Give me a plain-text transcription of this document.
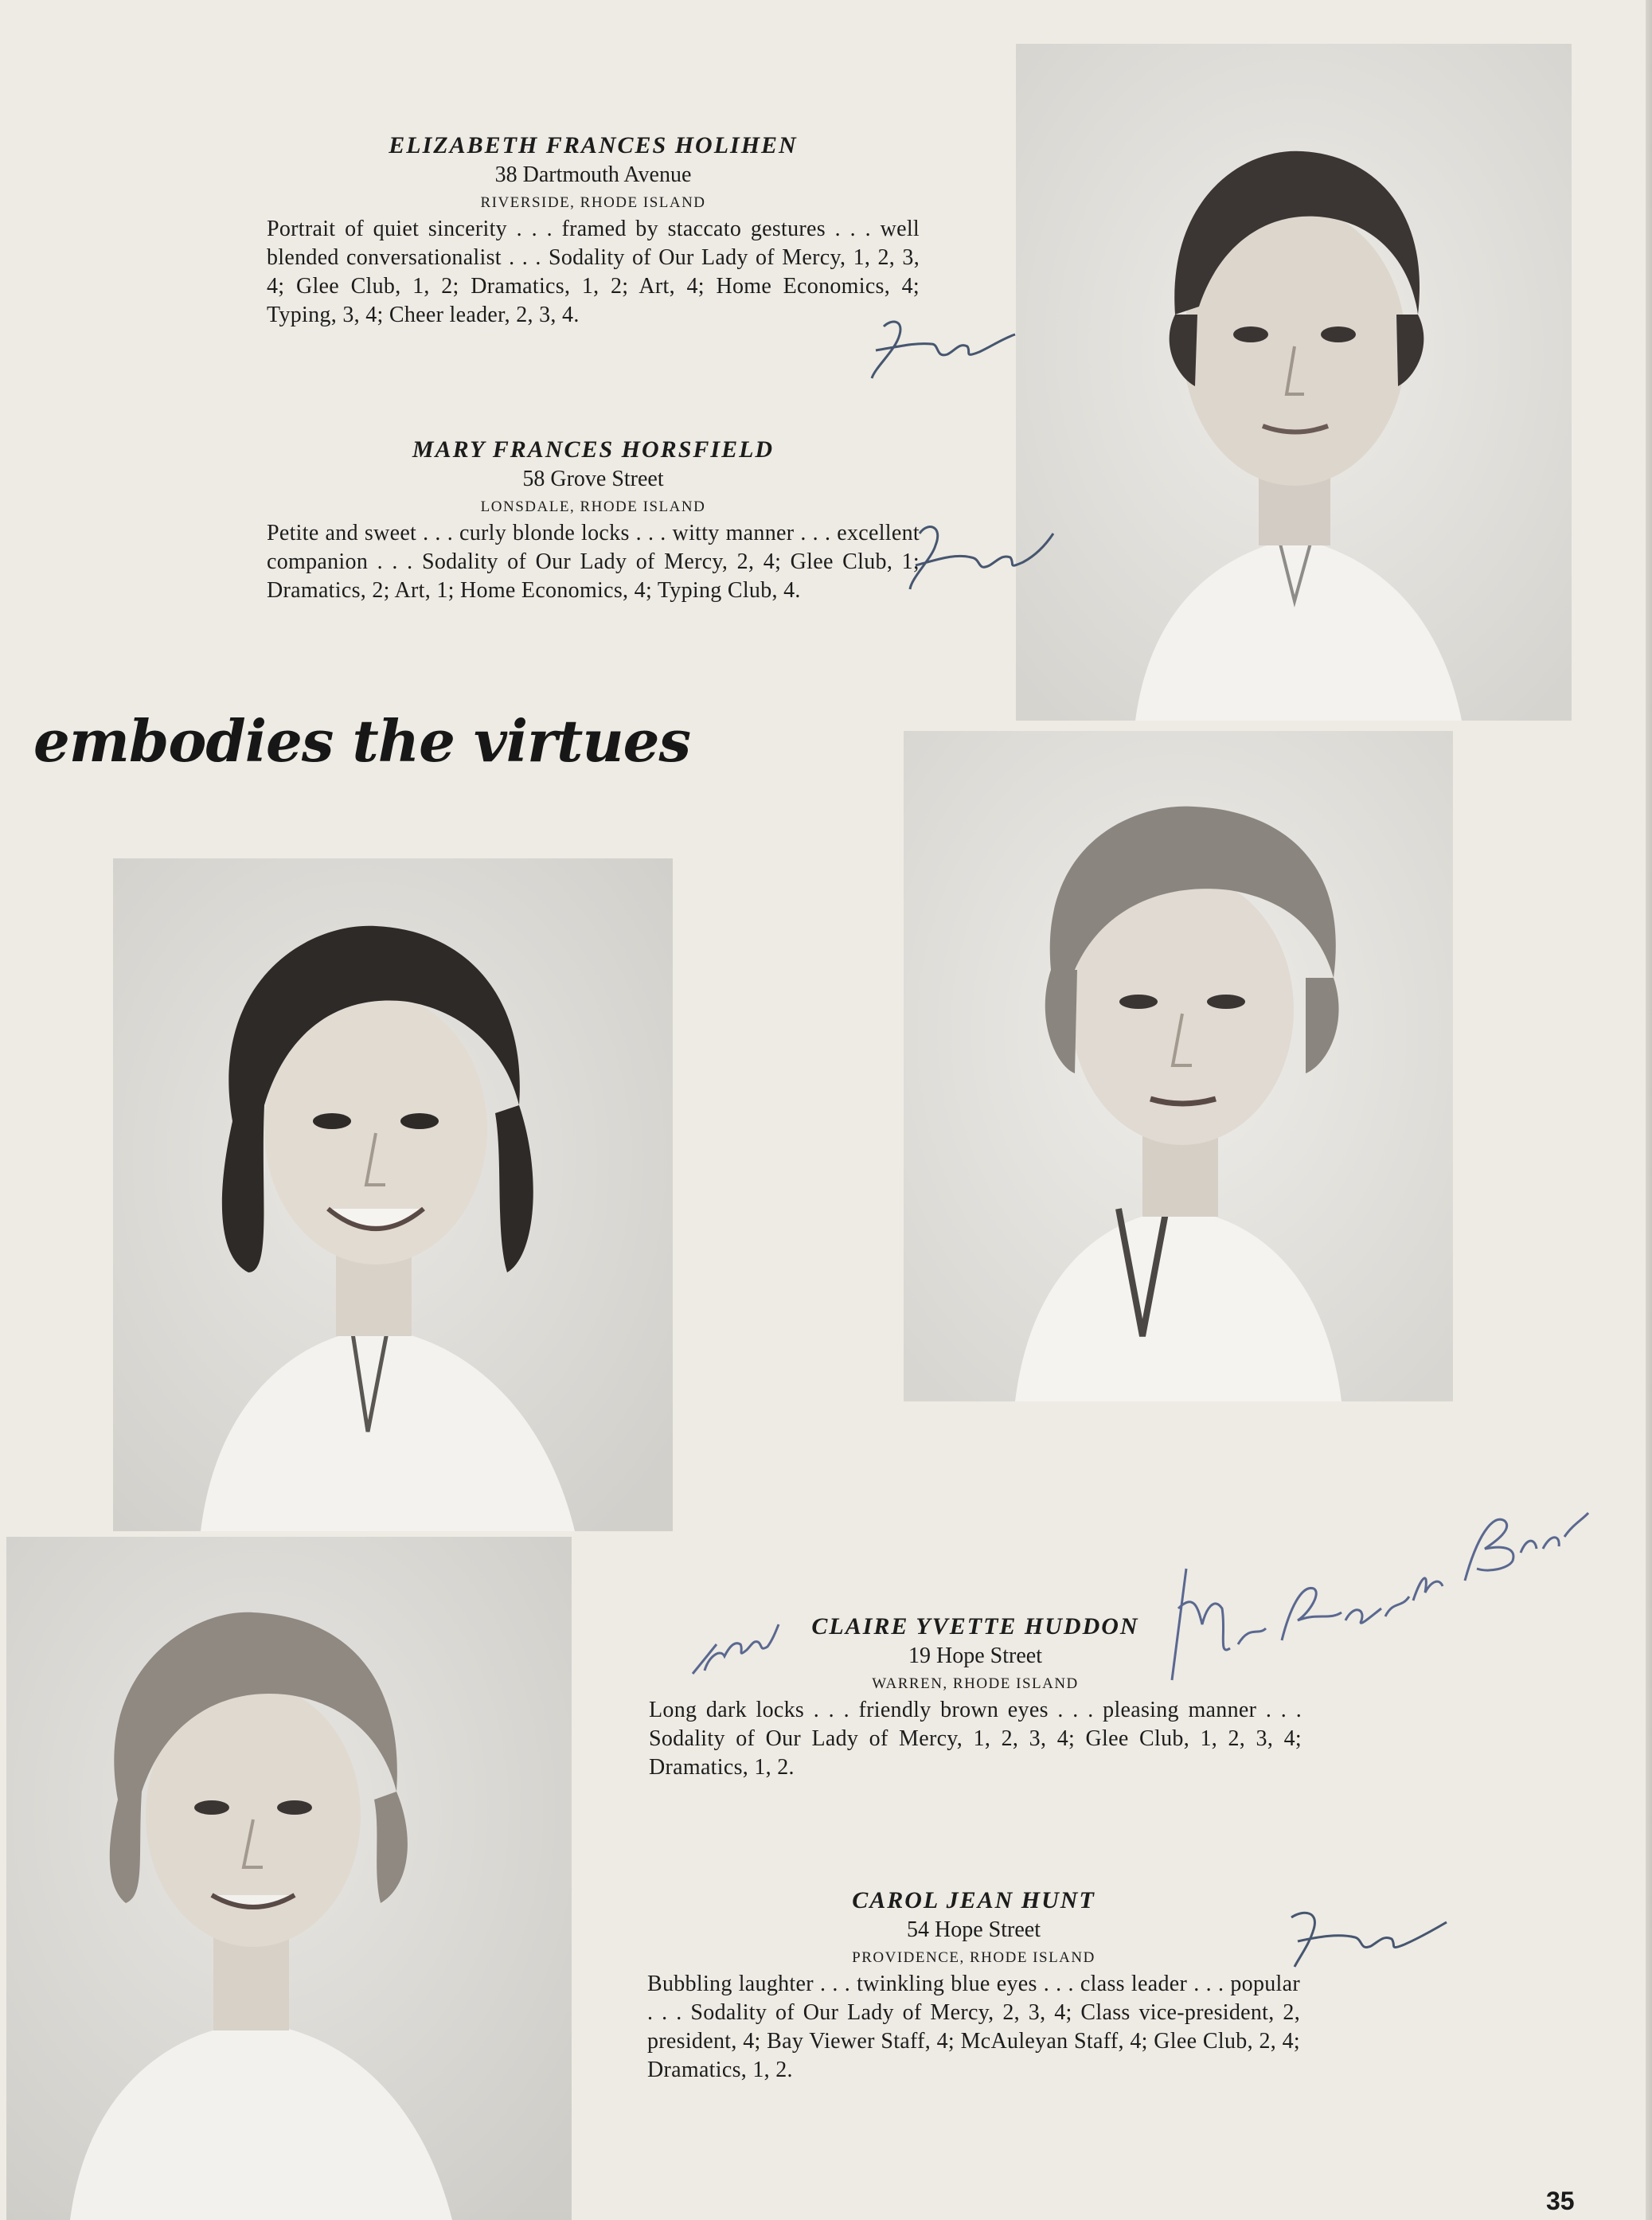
ELIZABETH FRANCES HOLIHEN

38 Dartmouth Avenue

RIVERSIDE, RHODE ISLAND

Portrait of quiet sincerity . . . framed by staccato gestures . . . well blended conversationalist . . . Sodality of Our Lady of Mercy, 1, 2, 3, 4; Glee Club, 1, 2; Dramatics, 1, 2; Art, 4; Home Economics, 4; Typing, 3, 4; Cheer leader, 2, 3, 4.

MARY FRANCES HORSFIELD

58 Grove Street

LONSDALE, RHODE ISLAND

Petite and sweet . . . curly blonde locks . . . witty manner . . . excellent companion . . . Sodality of Our Lady of Mercy, 2, 4; Glee Club, 1; Dramatics, 2; Art, 1; Home Economics, 4; Typing Club, 4.

embodies the virtues

CLAIRE YVETTE HUDDON

19 Hope Street

WARREN, RHODE ISLAND

Long dark locks . . . friendly brown eyes . . . pleasing manner . . . Sodality of Our Lady of Mercy, 1, 2, 3, 4; Glee Club, 1, 2, 3, 4; Dramatics, 1, 2.

CAROL JEAN HUNT

54 Hope Street

PROVIDENCE, RHODE ISLAND

Bubbling laughter . . . twinkling blue eyes . . . class leader . . . popular . . . Sodality of Our Lady of Mercy, 2, 3, 4; Class vice-president, 2, president, 4; Bay Viewer Staff, 4; McAuleyan Staff, 4; Glee Club, 2, 4; Dramatics, 1, 2.

35
